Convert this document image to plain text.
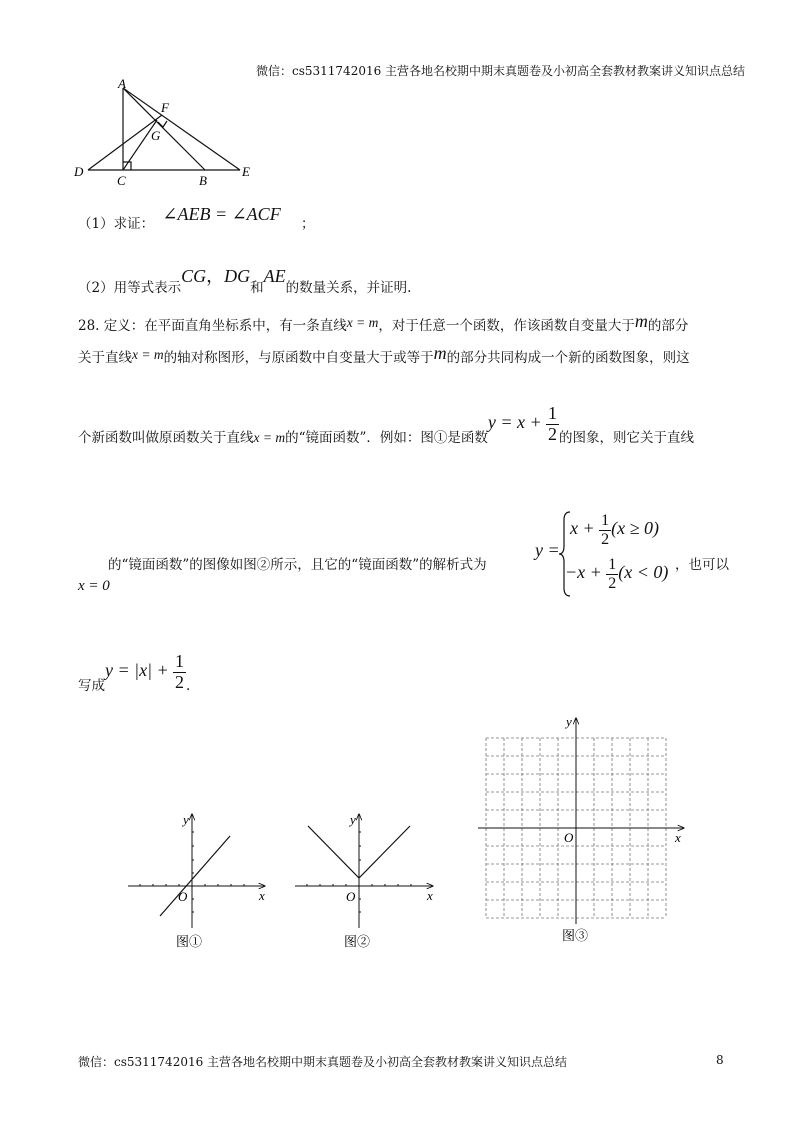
微信：cs5311742016 主营各地名校期中期末真题卷及小初高全套教材教案讲义知识点总结
A
F
G
D
C	B
E
（1）求证： ∠AEB = ∠ACF ；
（2）用等式表示CG，DG和AE的数量关系，并证明.
28. 定义：在平面直角坐标系中，有一条直线x = m，对于任意一个函数，作该函数自变量大于m的部分
关于直线x = m的轴对称图形，与原函数中自变量大于或等于m的部分共同构成一个新的函数图象，则这
个新函数叫做原函数关于直线x = m的“镜面函数”．例如：图①是函数$y = x + \frac{1}{2}$ 的图象，则它关于直线
的“镜面函数”的图像如图②所示，且它的“镜面函数”的解析式为
y =
$x + \frac{1}{2} (x \ge 0)$
$-x + \frac{1}{2} (x < 0)$ ，也可以
x = 0
写成$y = |x| + \frac{1}{2}$ .
x
y
O
图①
x
y
O
图②
x
y
O
图③
微信：cs5311742016 主营各地名校期中期末真题卷及小初高全套教材教案讲义知识点总结	8
